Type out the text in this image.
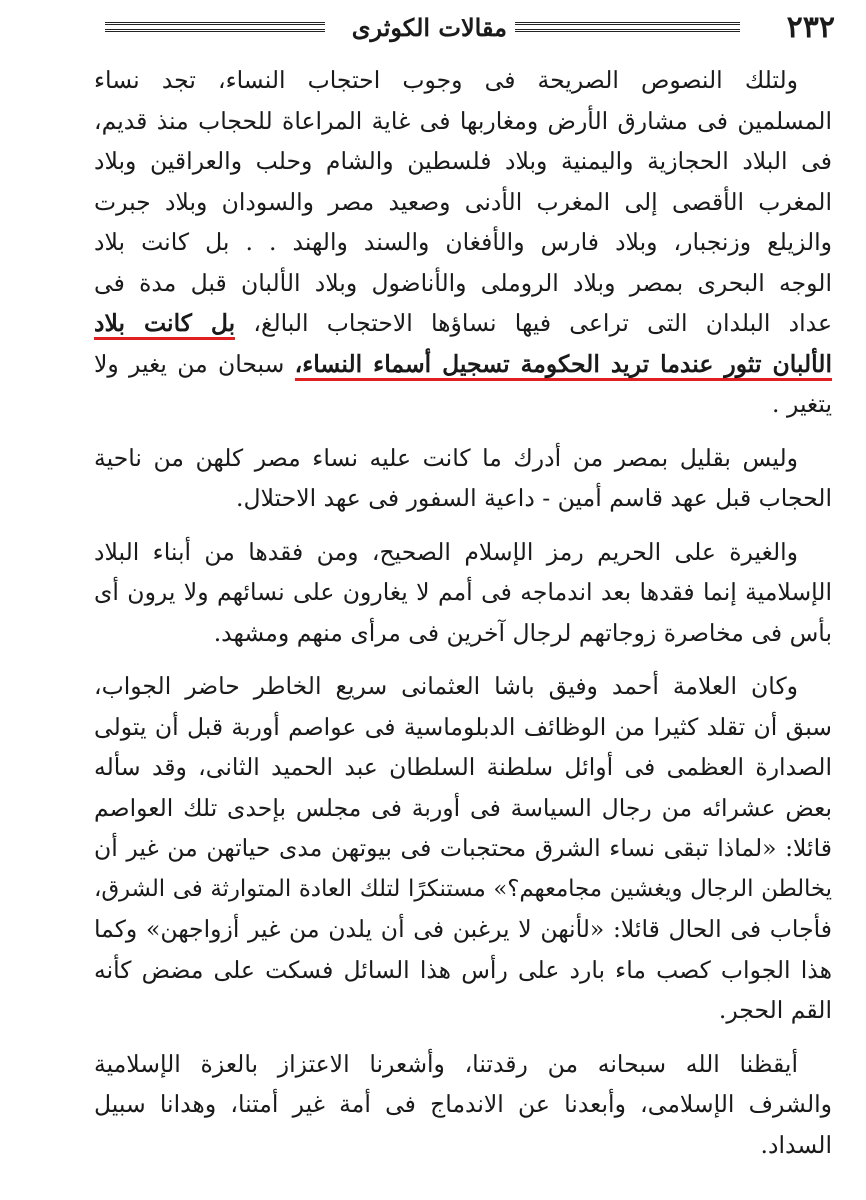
٢٣٢
مقالات الكوثرى
ولتلك النصوص الصريحة فى وجوب احتجاب النساء، تجد نساء
المسلمين فى مشارق الأرض ومغاربها فى غاية المراعاة للحجاب منذ قديم،
فى البلاد الحجازية واليمنية وبلاد فلسطين والشام وحلب والعراقين وبلاد
المغرب الأقصى إلى المغرب الأدنى وصعيد مصر والسودان وبلاد جبرت
والزيلع وزنجبار، وبلاد فارس والأفغان والسند والهند . . بل كانت بلاد
الوجه البحرى بمصر وبلاد الروملى والأناضول وبلاد الألبان قبل مدة فى
عداد البلدان التى تراعى فيها نساؤها الاحتجاب البالغ، بل كانت بلاد
الألبان تثور عندما تريد الحكومة تسجيل أسماء النساء، سبحان من يغير ولا
يتغير .
وليس بقليل بمصر من أدرك ما كانت عليه نساء مصر كلهن من ناحية
الحجاب قبل عهد قاسم أمين - داعية السفور فى عهد الاحتلال.
والغيرة على الحريم رمز الإسلام الصحيح، ومن فقدها من أبناء البلاد
الإسلامية إنما فقدها بعد اندماجه فى أمم لا يغارون على نسائهم ولا يرون أى
بأس فى مخاصرة زوجاتهم لرجال آخرين فى مرأى منهم ومشهد.
وكان العلامة أحمد وفيق باشا العثمانى سريع الخاطر حاضر الجواب،
سبق أن تقلد كثيرا من الوظائف الدبلوماسية فى عواصم أوربة قبل أن يتولى
الصدارة العظمى فى أوائل سلطنة السلطان عبد الحميد الثانى، وقد سأله
بعض عشرائه من رجال السياسة فى أوربة فى مجلس بإحدى تلك العواصم
قائلا: «لماذا تبقى نساء الشرق محتجبات فى بيوتهن مدى حياتهن من غير أن
يخالطن الرجال ويغشين مجامعهم؟» مستنكرًا لتلك العادة المتوارثة فى الشرق،
فأجاب فى الحال قائلا: «لأنهن لا يرغبن فى أن يلدن من غير أزواجهن» وكما
هذا الجواب كصب ماء بارد على رأس هذا السائل فسكت على مضض كأنه
القم الحجر.
أيقظنا الله سبحانه من رقدتنا، وأشعرنا الاعتزاز بالعزة الإسلامية
والشرف الإسلامى، وأبعدنا عن الاندماج فى أمة غير أمتنا، وهدانا سبيل
السداد.
